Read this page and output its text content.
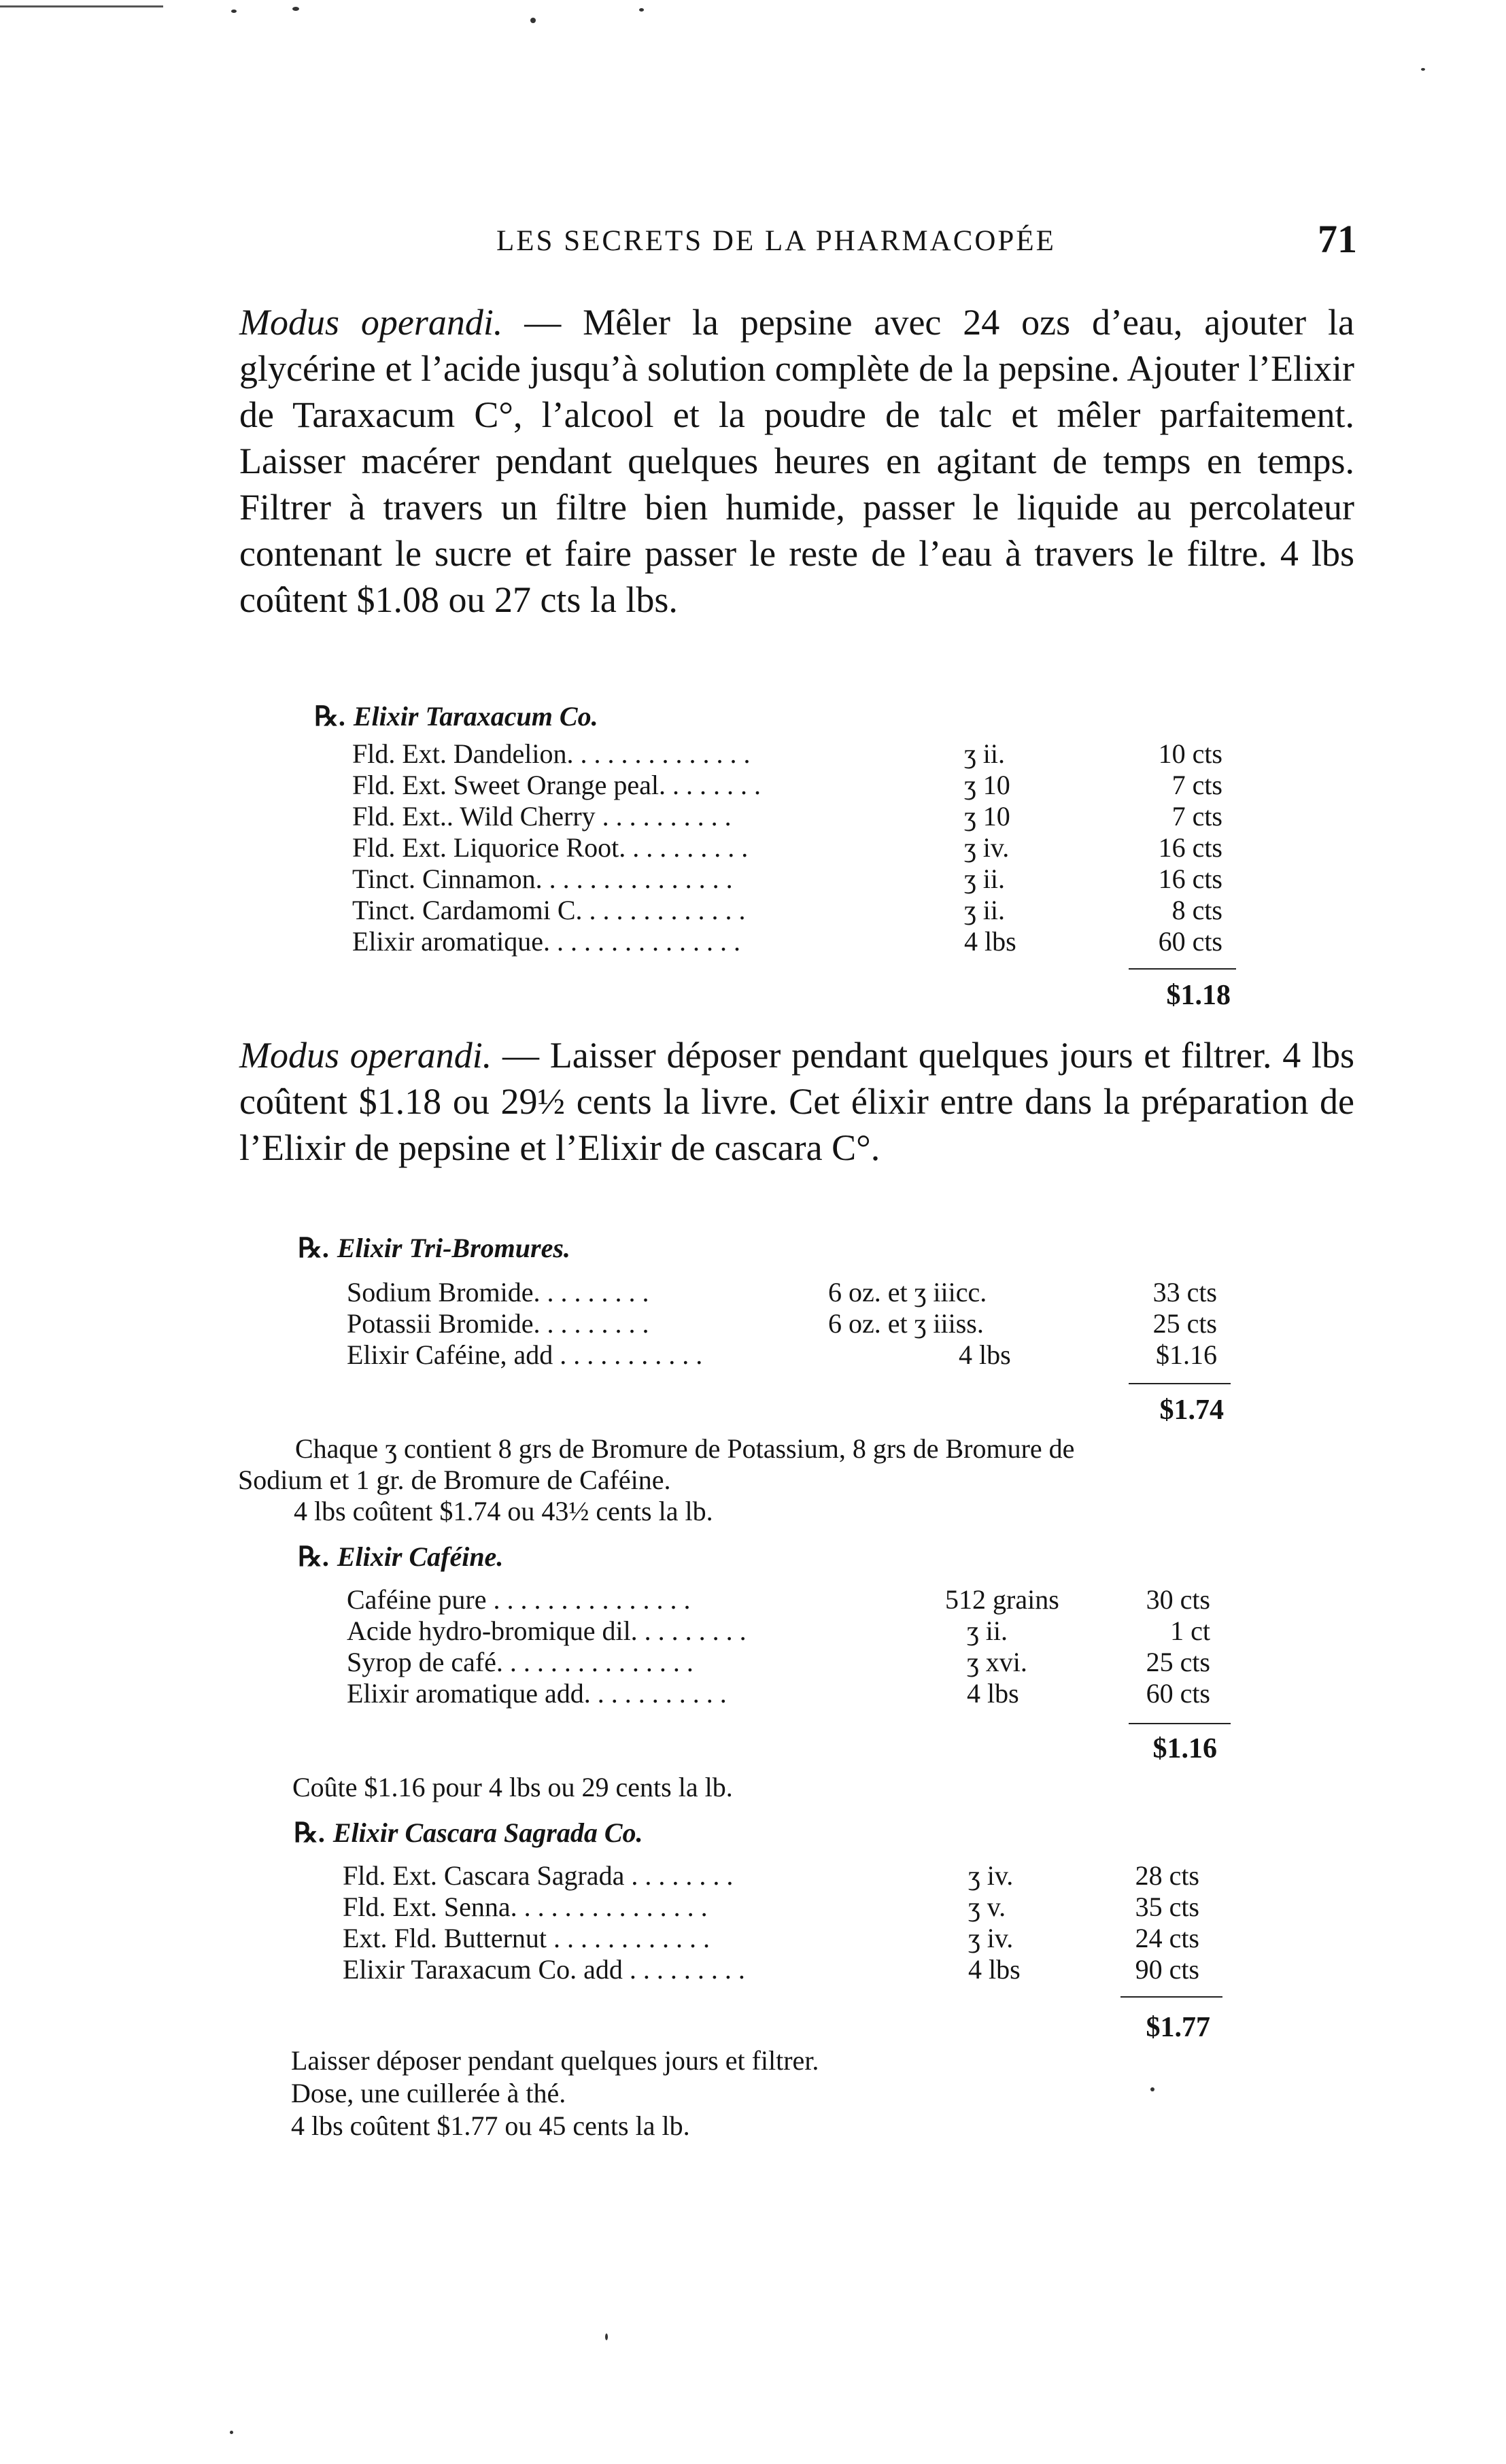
LES SECRETS DE LA PHARMACOPÉE	71

Modus operandi. — Mêler la pepsine avec 24 ozs d’eau, ajouter la glycérine et l’acide jusqu’à solution complète de la pepsine. Ajouter l’Elixir de Taraxacum C°, l’alcool et la poudre de talc et mêler parfaitement. Laisser macérer pendant quelques heures en agitant de temps en temps. Filtrer à travers un filtre bien humide, passer le liquide au percolateur contenant le sucre et faire passer le reste de l’eau à travers le filtre. 4 lbs coûtent $1.08 ou 27 cts la lbs.

℞. Elixir Taraxacum Co.
Fld. Ext. Dandelion. . . . . . . . . . . . . .	ʒ ii.	10 cts
Fld. Ext. Sweet Orange peal. . . . . . . .	ʒ 10	7 cts
Fld. Ext.. Wild Cherry . . . . . . . . . .	ʒ 10	7 cts
Fld. Ext. Liquorice Root. . . . . . . . . .	ʒ iv.	16 cts
Tinct. Cinnamon. . . . . . . . . . . . . . .	ʒ ii.	16 cts
Tinct. Cardamomi C. . . . . . . . . . . . .	ʒ ii.	8 cts
Elixir aromatique. . . . . . . . . . . . . . .	4 lbs	60 cts
$1.18

Modus operandi. — Laisser déposer pendant quelques jours et filtrer. 4 lbs coûtent $1.18 ou 29½ cents la livre. Cet élixir entre dans la préparation de l’Elixir de pepsine et l’Elixir de cascara C°.

℞. Elixir Tri-Bromures.
Sodium Bromide. . . . . . . . .	6 oz. et ʒ iiicc.	33 cts
Potassii Bromide. . . . . . . . .	6 oz. et ʒ iiiss.	25 cts
Elixir Caféine, add . . . . . . . . . . .	4 lbs	$1.16
$1.74
Chaque ʒ contient 8 grs de Bromure de Potassium, 8 grs de Bromure de
Sodium et 1 gr. de Bromure de Caféine.
4 lbs coûtent $1.74 ou 43½ cents la lb.
℞. Elixir Caféine.
Caféine pure . . . . . . . . . . . . . . .	512 grains	30 cts
Acide hydro-bromique dil. . . . . . . . .	ʒ ii.	1 ct
Syrop de café. . . . . . . . . . . . . . .	ʒ xvi.	25 cts
Elixir aromatique add. . . . . . . . . . .	4 lbs	60 cts
$1.16
Coûte $1.16 pour 4 lbs ou 29 cents la lb.
℞. Elixir Cascara Sagrada Co.
Fld. Ext. Cascara Sagrada . . . . . . . .	ʒ iv.	28 cts
Fld. Ext. Senna. . . . . . . . . . . . . . .	ʒ v.	35 cts
Ext. Fld. Butternut . . . . . . . . . . . .	ʒ iv.	24 cts
Elixir Taraxacum Co. add . . . . . . . . .	4 lbs	90 cts
$1.77
Laisser déposer pendant quelques jours et filtrer.
Dose, une cuillerée à thé.
4 lbs coûtent $1.77 ou 45 cents la lb.
